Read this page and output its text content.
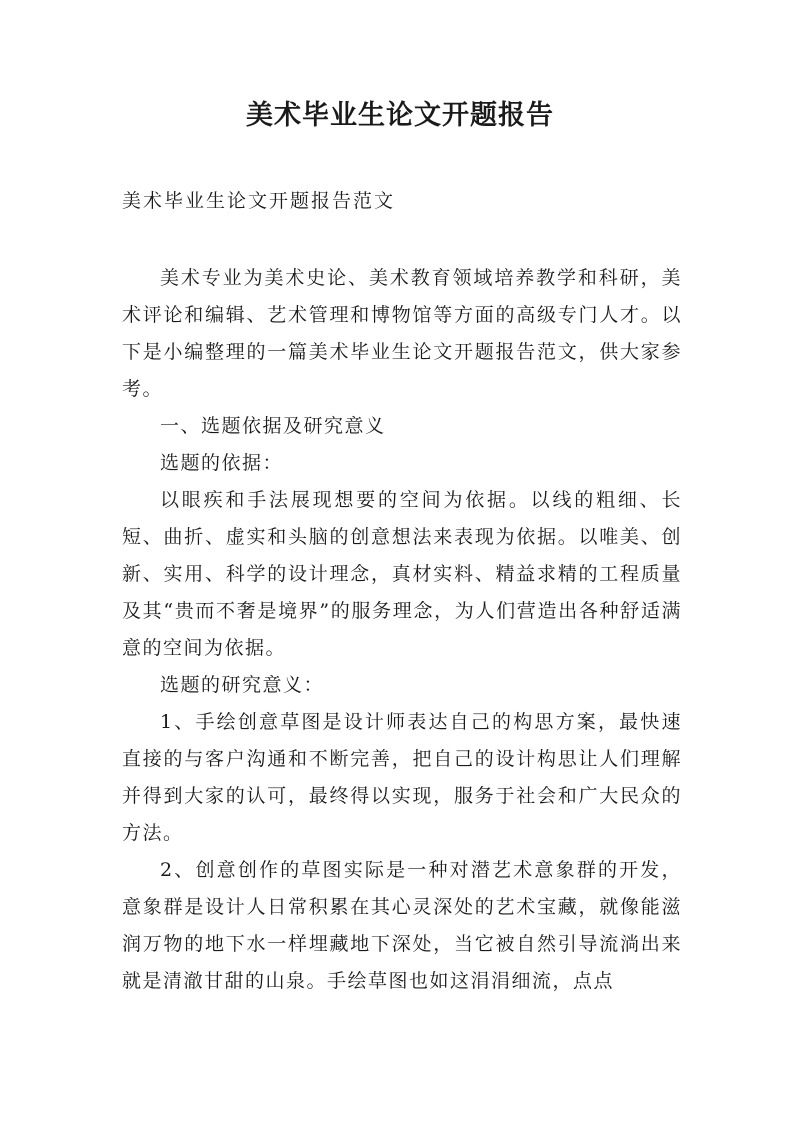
美术毕业生论文开题报告

美术毕业生论文开题报告范文

美术专业为美术史论、美术教育领域培养教学和科研，美术评论和编辑、艺术管理和博物馆等方面的高级专门人才。以下是小编整理的一篇美术毕业生论文开题报告范文，供大家参考。

一、选题依据及研究意义

选题的依据：

以眼疾和手法展现想要的空间为依据。以线的粗细、长短、曲折、虚实和头脑的创意想法来表现为依据。以唯美、创新、实用、科学的设计理念，真材实料、精益求精的工程质量及其“贵而不奢是境界”的服务理念，为人们营造出各种舒适满意的空间为依据。

选题的研究意义：

1、手绘创意草图是设计师表达自己的构思方案，最快速直接的与客户沟通和不断完善，把自己的设计构思让人们理解并得到大家的认可，最终得以实现，服务于社会和广大民众的方法。

2、创意创作的草图实际是一种对潜艺术意象群的开发，意象群是设计人日常积累在其心灵深处的艺术宝藏，就像能滋润万物的地下水一样埋藏地下深处，当它被自然引导流淌出来就是清澈甘甜的山泉。手绘草图也如这涓涓细流，点点
